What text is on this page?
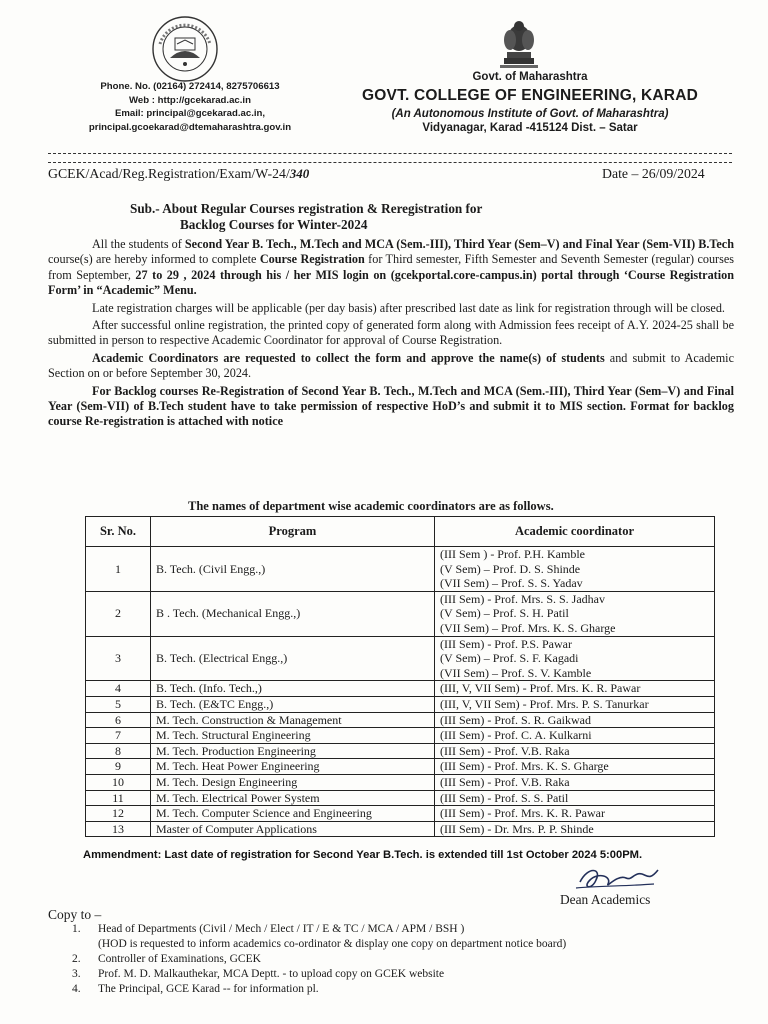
Phone. No. (02164) 272414, 8275706613
Web : http://gcekarad.ac.in
Email: principal@gcekarad.ac.in,
principal.gcoekarad@dtemaharashtra.gov.in
Govt. of Maharashtra
GOVT. COLLEGE OF ENGINEERING, KARAD
(An Autonomous Institute of Govt. of Maharashtra)
Vidyanagar, Karad -415124 Dist. – Satar
GCEK/Acad/Reg.Registration/Exam/W-24/340	Date – 26/09/2024
Sub.- About Regular Courses registration & Reregistration for
Backlog Courses for Winter-2024

All the students of Second Year B. Tech., M.Tech and MCA (Sem.-III), Third Year (Sem–V) and Final Year (Sem-VII) B.Tech course(s) are hereby informed to complete Course Registration for Third semester, Fifth Semester and Seventh Semester (regular) courses from September, 27 to 29 , 2024 through his / her MIS login on (gcekportal.core-campus.in) portal through ‘Course Registration Form’ in “Academic” Menu.

Late registration charges will be applicable (per day basis) after prescribed last date as link for registration through will be closed.

After successful online registration, the printed copy of generated form along with Admission fees receipt of A.Y. 2024-25 shall be submitted in person to respective Academic Coordinator for approval of Course Registration.

Academic Coordinators are requested to collect the form and approve the name(s) of students and submit to Academic Section on or before September 30, 2024.

For Backlog courses Re-Registration of Second Year B. Tech., M.Tech and MCA (Sem.-III), Third Year (Sem–V) and Final Year (Sem-VII) of B.Tech student have to take permission of respective HoD’s and submit it to MIS section. Format for backlog course Re-registration is attached with notice

The names of department wise academic coordinators are as follows.
Sr. No.	Program	Academic coordinator
1	B. Tech. (Civil Engg.,)	(III Sem ) - Prof. P.H. Kamble
(V Sem) – Prof. D. S. Shinde
(VII Sem) – Prof. S. S. Yadav

2	B . Tech. (Mechanical Engg.,)	(III Sem) - Prof. Mrs. S. S. Jadhav
(V Sem) – Prof. S. H. Patil
(VII Sem) – Prof. Mrs. K. S. Gharge

3	B. Tech. (Electrical Engg.,)	(III Sem) - Prof. P.S. Pawar
(V Sem) – Prof. S. F. Kagadi
(VII Sem) – Prof. S. V. Kamble

4	B. Tech. (Info. Tech.,)	(III, V, VII Sem) - Prof. Mrs. K. R. Pawar

5	B. Tech. (E&TC Engg.,)	(III, V, VII Sem) - Prof. Mrs. P. S. Tanurkar

6	M. Tech. Construction & Management	(III Sem) - Prof. S. R. Gaikwad

7	M. Tech. Structural Engineering	(III Sem) - Prof. C. A. Kulkarni

8	M. Tech. Production Engineering	(III Sem) - Prof. V.B. Raka

9	M. Tech. Heat Power Engineering	(III Sem) - Prof. Mrs. K. S. Gharge

10	M. Tech. Design Engineering	(III Sem) - Prof. V.B. Raka

11	M. Tech. Electrical Power System	(III Sem) - Prof. S. S. Patil

12	M. Tech. Computer Science and Engineering	(III Sem) - Prof. Mrs. K. R. Pawar

13	Master of Computer Applications	(III Sem) - Dr. Mrs. P. P. Shinde
Ammendment: Last date of registration for Second Year B.Tech. is extended till 1st October 2024 5:00PM.
Dean Academics
Copy to –
1.	Head of Departments (Civil / Mech / Elect / IT / E & TC / MCA / APM / BSH )
(HOD is requested to inform academics co-ordinator & display one copy on department notice board)
2.	Controller of Examinations, GCEK
3.	Prof. M. D. Malkauthekar, MCA Deptt. - to upload copy on GCEK website
4.	The Principal, GCE Karad -- for information pl.
